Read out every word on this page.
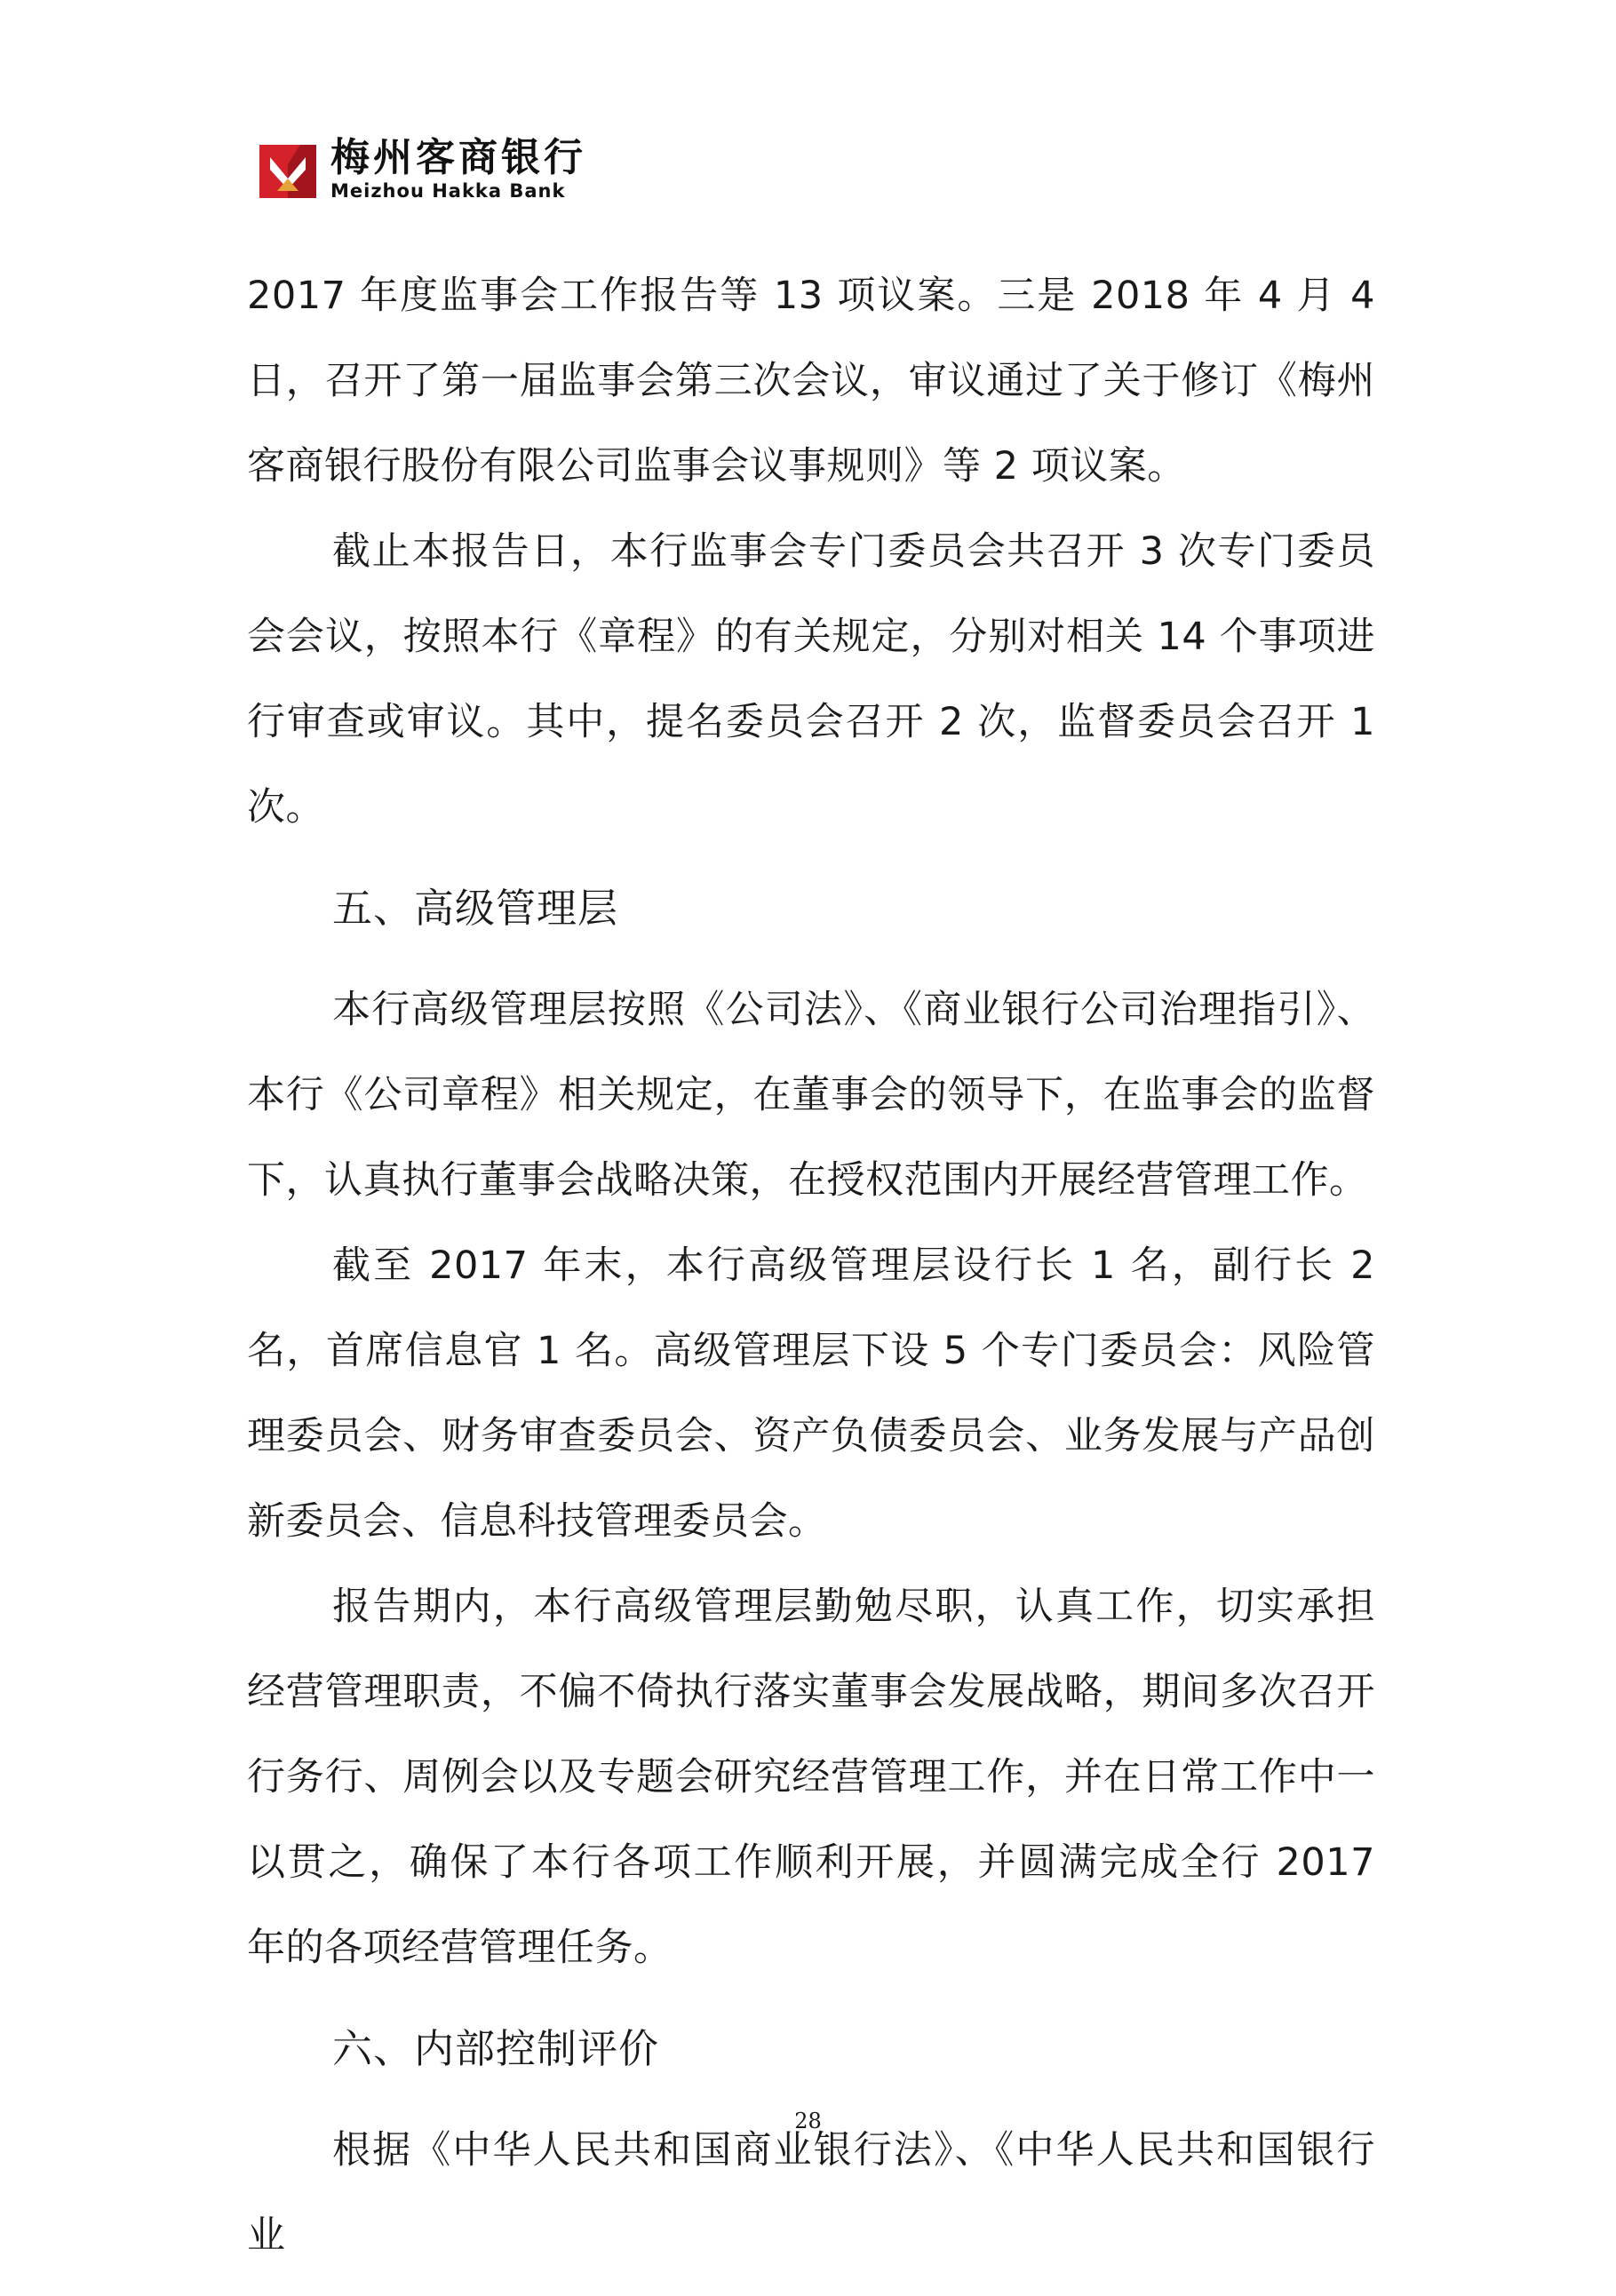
梅州客商银行
Meizhou Hakka Bank

2017 年度监事会工作报告等 13 项议案。三是 2018 年 4 月 4 日，召开了第一届监事会第三次会议，审议通过了关于修订《梅州客商银行股份有限公司监事会议事规则》等 2 项议案。

截止本报告日，本行监事会专门委员会共召开 3 次专门委员会会议，按照本行《章程》的有关规定，分别对相关 14 个事项进行审查或审议。其中，提名委员会召开 2 次，监督委员会召开 1 次。

五、高级管理层

本行高级管理层按照《公司法》、《商业银行公司治理指引》、本行《公司章程》相关规定，在董事会的领导下，在监事会的监督下，认真执行董事会战略决策，在授权范围内开展经营管理工作。

截至 2017 年末，本行高级管理层设行长 1 名，副行长 2 名，首席信息官 1 名。高级管理层下设 5 个专门委员会：风险管理委员会、财务审查委员会、资产负债委员会、业务发展与产品创新委员会、信息科技管理委员会。

报告期内，本行高级管理层勤勉尽职，认真工作，切实承担经营管理职责，不偏不倚执行落实董事会发展战略，期间多次召开行务行、周例会以及专题会研究经营管理工作，并在日常工作中一以贯之，确保了本行各项工作顺利开展，并圆满完成全行 2017 年的各项经营管理任务。

六、内部控制评价

根据《中华人民共和国商业银行法》、《中华人民共和国银行业

28
